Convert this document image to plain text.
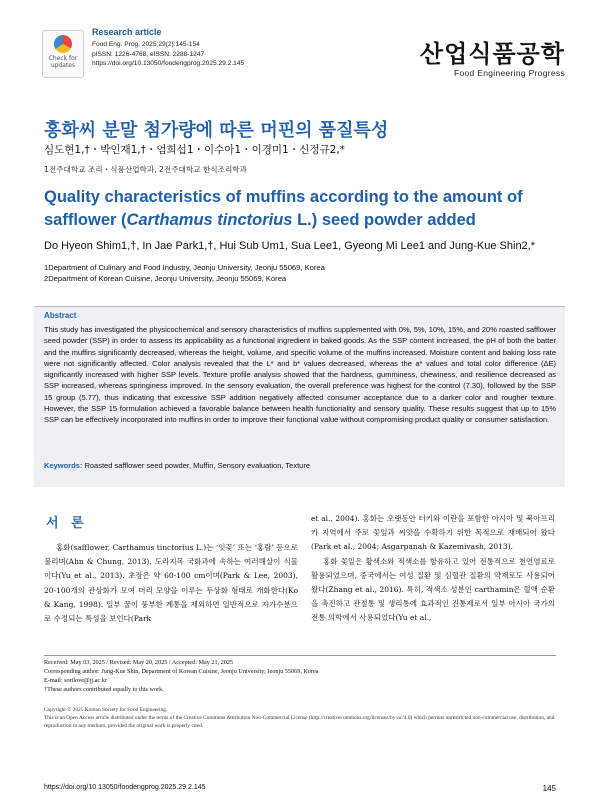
Check for
updates
Research article
Food Eng. Prog. 2025;29(2):145-154
pISSN: 1226-4768, eISSN: 2288-1247
https://doi.org/10.13050/foodengprog.2025.29.2.145	산업식품공학
Food Engineering Progress
홍화씨 분말 첨가량에 따른 머핀의 품질특성
심도현1,†・박인재1,†・엄희섭1・이수아1・이경미1・신정규2,*
1전주대학교 조리・식품산업학과, 2전주대학교 한식조리학과
Quality characteristics of muffins according to the amount of safflower (Carthamus tinctorius L.) seed powder added
Do Hyeon Shim1,†, In Jae Park1,†, Hui Sub Um1, Sua Lee1, Gyeong Mi Lee1 and Jung-Kue Shin2,*
1Department of Culinary and Food Industry, Jeonju University, Jeonju 55069, Korea
2Department of Korean Cuisine, Jeonju University, Jeonju 55069, Korea
Abstract
This study has investigated the physicochemical and sensory characteristics of muffins supplemented with 0%, 5%, 10%, 15%, and 20% roasted safflower seed powder (SSP) in order to assess its applicability as a functional ingredient in baked goods. As the SSP content increased, the pH of both the batter and the muffins significantly decreased, whereas the height, volume, and specific volume of the muffins increased. Moisture content and baking loss rate were not significantly affected. Color analysis revealed that the L* and b* values decreased, whereas the a* values and total color difference (ΔE) significantly increased with higher SSP levels. Texture profile analysis showed that the hardness, gumminess, chewiness, and resilience decreased as SSP increased, whereas springiness improved. In the sensory evaluation, the overall preference was highest for the control (7.30), followed by the SSP 15 group (5.77), thus indicating that excessive SSP addition negatively affected consumer acceptance due to a darker color and rougher texture. However, the SSP 15 formulation achieved a favorable balance between health functionality and sensory quality. These results suggest that up to 15% SSP can be effectively incorporated into muffins in order to improve their functional value without compromising product quality or consumer satisfaction.
Keywords: Roasted safflower seed powder, Muffin, Sensory evaluation, Texture
서 론
홍화(safflower, Carthamus tinctorius L.)는 ‘잇꽃’ 또는 ‘홍람’ 등으로 불리며(Ahn & Chung, 2013), 도라지목 국화과에 속하는 여러해살이 식물이다(Yu et al., 2013). 초장은 약 60-100 cm이며(Park & Lee, 2003), 20-100개의 관상화가 모여 머리 모양을 이루는 두상화 형태로 개화한다(Ko & Kang, 1998). 일부 꿀이 풍부한 계통을 제외하면 일반적으로 자가수분으로 수정되는 특성을 보인다(Park

et al., 2004). 홍화는 오랫동안 터키와 이란을 포함한 아시아 및 북아프리카 지역에서 주로 꽃잎과 씨앗을 수확하기 위한 목적으로 재배되어 왔다(Park et al., 2004; Asgarpanah & Kazemivash, 2013).

홍화 꽃잎은 황색소와 적색소를 함유하고 있어 전통적으로 천연염료로 활용되었으며, 중국에서는 여성 질환 및 심혈관 질환의 약재로도 사용되어 왔다(Zhang et al., 2016). 특히, 적색소 성분인 carthamin은 혈액 순환을 촉진하고 관절통 및 생리통에 효과적인 진통제로서 일부 아시아 국가의 전통 의학에서 사용되었다(Yu et al.,

Received: May 03, 2025 / Revised: May 20, 2025 / Accepted: May 21, 2025
Corresponding author: Jung-Kue Shin, Department of Korean Cuisine, Jeonju University, Jeonju 55069, Korea
E-mail: sorilove@jj.ac.kr
†These authors contributed equally to this work.
Copyright © 2025 Korean Society for Food Engineering.
This is an Open Access article distributed under the terms of the Creative Commons Attribution Non-Commercial License (http://creativecommons.org/licenses/by-nc/4.0) which permits unrestricted non-commercial use, distribution, and reproduction in any medium, provided the original work is properly cited.
https://doi.org/10.13050/foodengprog.2025.29.2.145	145
